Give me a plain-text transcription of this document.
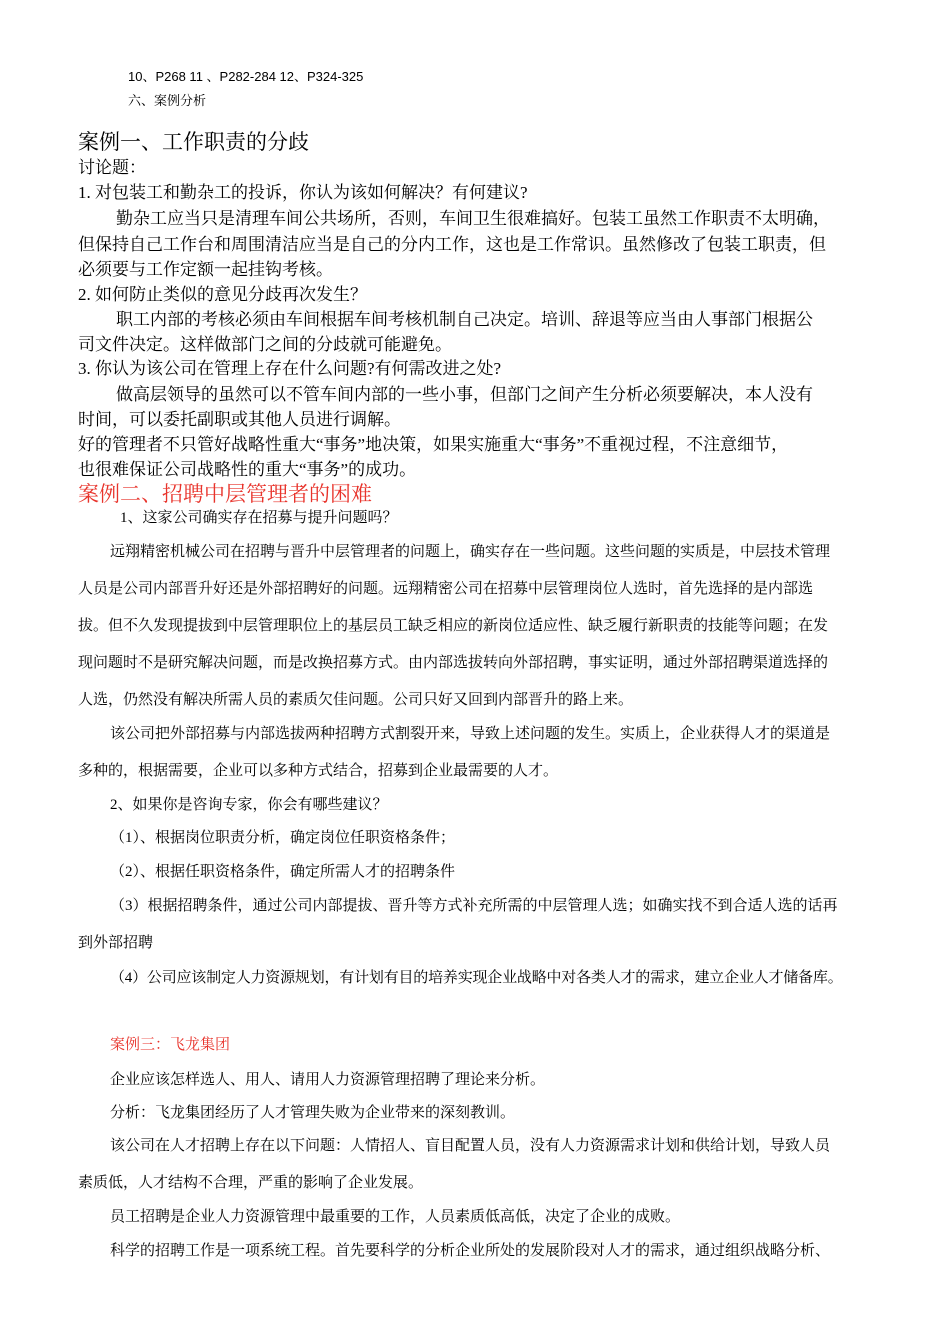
10、P268 11 、P282-284 12、P324-325
六、案例分析
案例一、工作职责的分歧
讨论题：
1. 对包装工和勤杂工的投诉，你认为该如何解决？有何建议?
勤杂工应当只是清理车间公共场所，否则，车间卫生很难搞好。包装工虽然工作职责不太明确，
但保持自己工作台和周围清洁应当是自己的分内工作，这也是工作常识。虽然修改了包装工职责，但
必须要与工作定额一起挂钩考核。
2. 如何防止类似的意见分歧再次发生？
职工内部的考核必须由车间根据车间考核机制自己决定。培训、辞退等应当由人事部门根据公
司文件决定。这样做部门之间的分歧就可能避免。
3. 你认为该公司在管理上存在什么问题?有何需改进之处?
做高层领导的虽然可以不管车间内部的一些小事，但部门之间产生分析必须要解决，本人没有
时间，可以委托副职或其他人员进行调解。
好的管理者不只管好战略性重大“事务”地决策，如果实施重大“事务”不重视过程，不注意细节，
也很难保证公司战略性的重大“事务”的成功。
案例二、招聘中层管理者的困难
1、这家公司确实存在招募与提升问题吗？
远翔精密机械公司在招聘与晋升中层管理者的问题上，确实存在一些问题。这些问题的实质是，中层技术管理
人员是公司内部晋升好还是外部招聘好的问题。远翔精密公司在招募中层管理岗位人选时，首先选择的是内部选
拔。但不久发现提拔到中层管理职位上的基层员工缺乏相应的新岗位适应性、缺乏履行新职责的技能等问题；在发
现问题时不是研究解决问题，而是改换招募方式。由内部选拔转向外部招聘，事实证明，通过外部招聘渠道选择的
人选，仍然没有解决所需人员的素质欠佳问题。公司只好又回到内部晋升的路上来。
该公司把外部招募与内部选拔两种招聘方式割裂开来，导致上述问题的发生。实质上，企业获得人才的渠道是
多种的，根据需要，企业可以多种方式结合，招募到企业最需要的人才。
2、如果你是咨询专家，你会有哪些建议？
（1）、根据岗位职责分析，确定岗位任职资格条件；
（2）、根据任职资格条件，确定所需人才的招聘条件
（3）根据招聘条件，通过公司内部提拔、晋升等方式补充所需的中层管理人选；如确实找不到合适人选的话再
到外部招聘
（4）公司应该制定人力资源规划，有计划有目的培养实现企业战略中对各类人才的需求，建立企业人才储备库。
案例三：飞龙集团
企业应该怎样选人、用人、请用人力资源管理招聘了理论来分析。
分析：飞龙集团经历了人才管理失败为企业带来的深刻教训。
该公司在人才招聘上存在以下问题：人情招人、盲目配置人员，没有人力资源需求计划和供给计划，导致人员
素质低，人才结构不合理，严重的影响了企业发展。
员工招聘是企业人力资源管理中最重要的工作，人员素质低高低，决定了企业的成败。
科学的招聘工作是一项系统工程。首先要科学的分析企业所处的发展阶段对人才的需求，通过组织战略分析、
